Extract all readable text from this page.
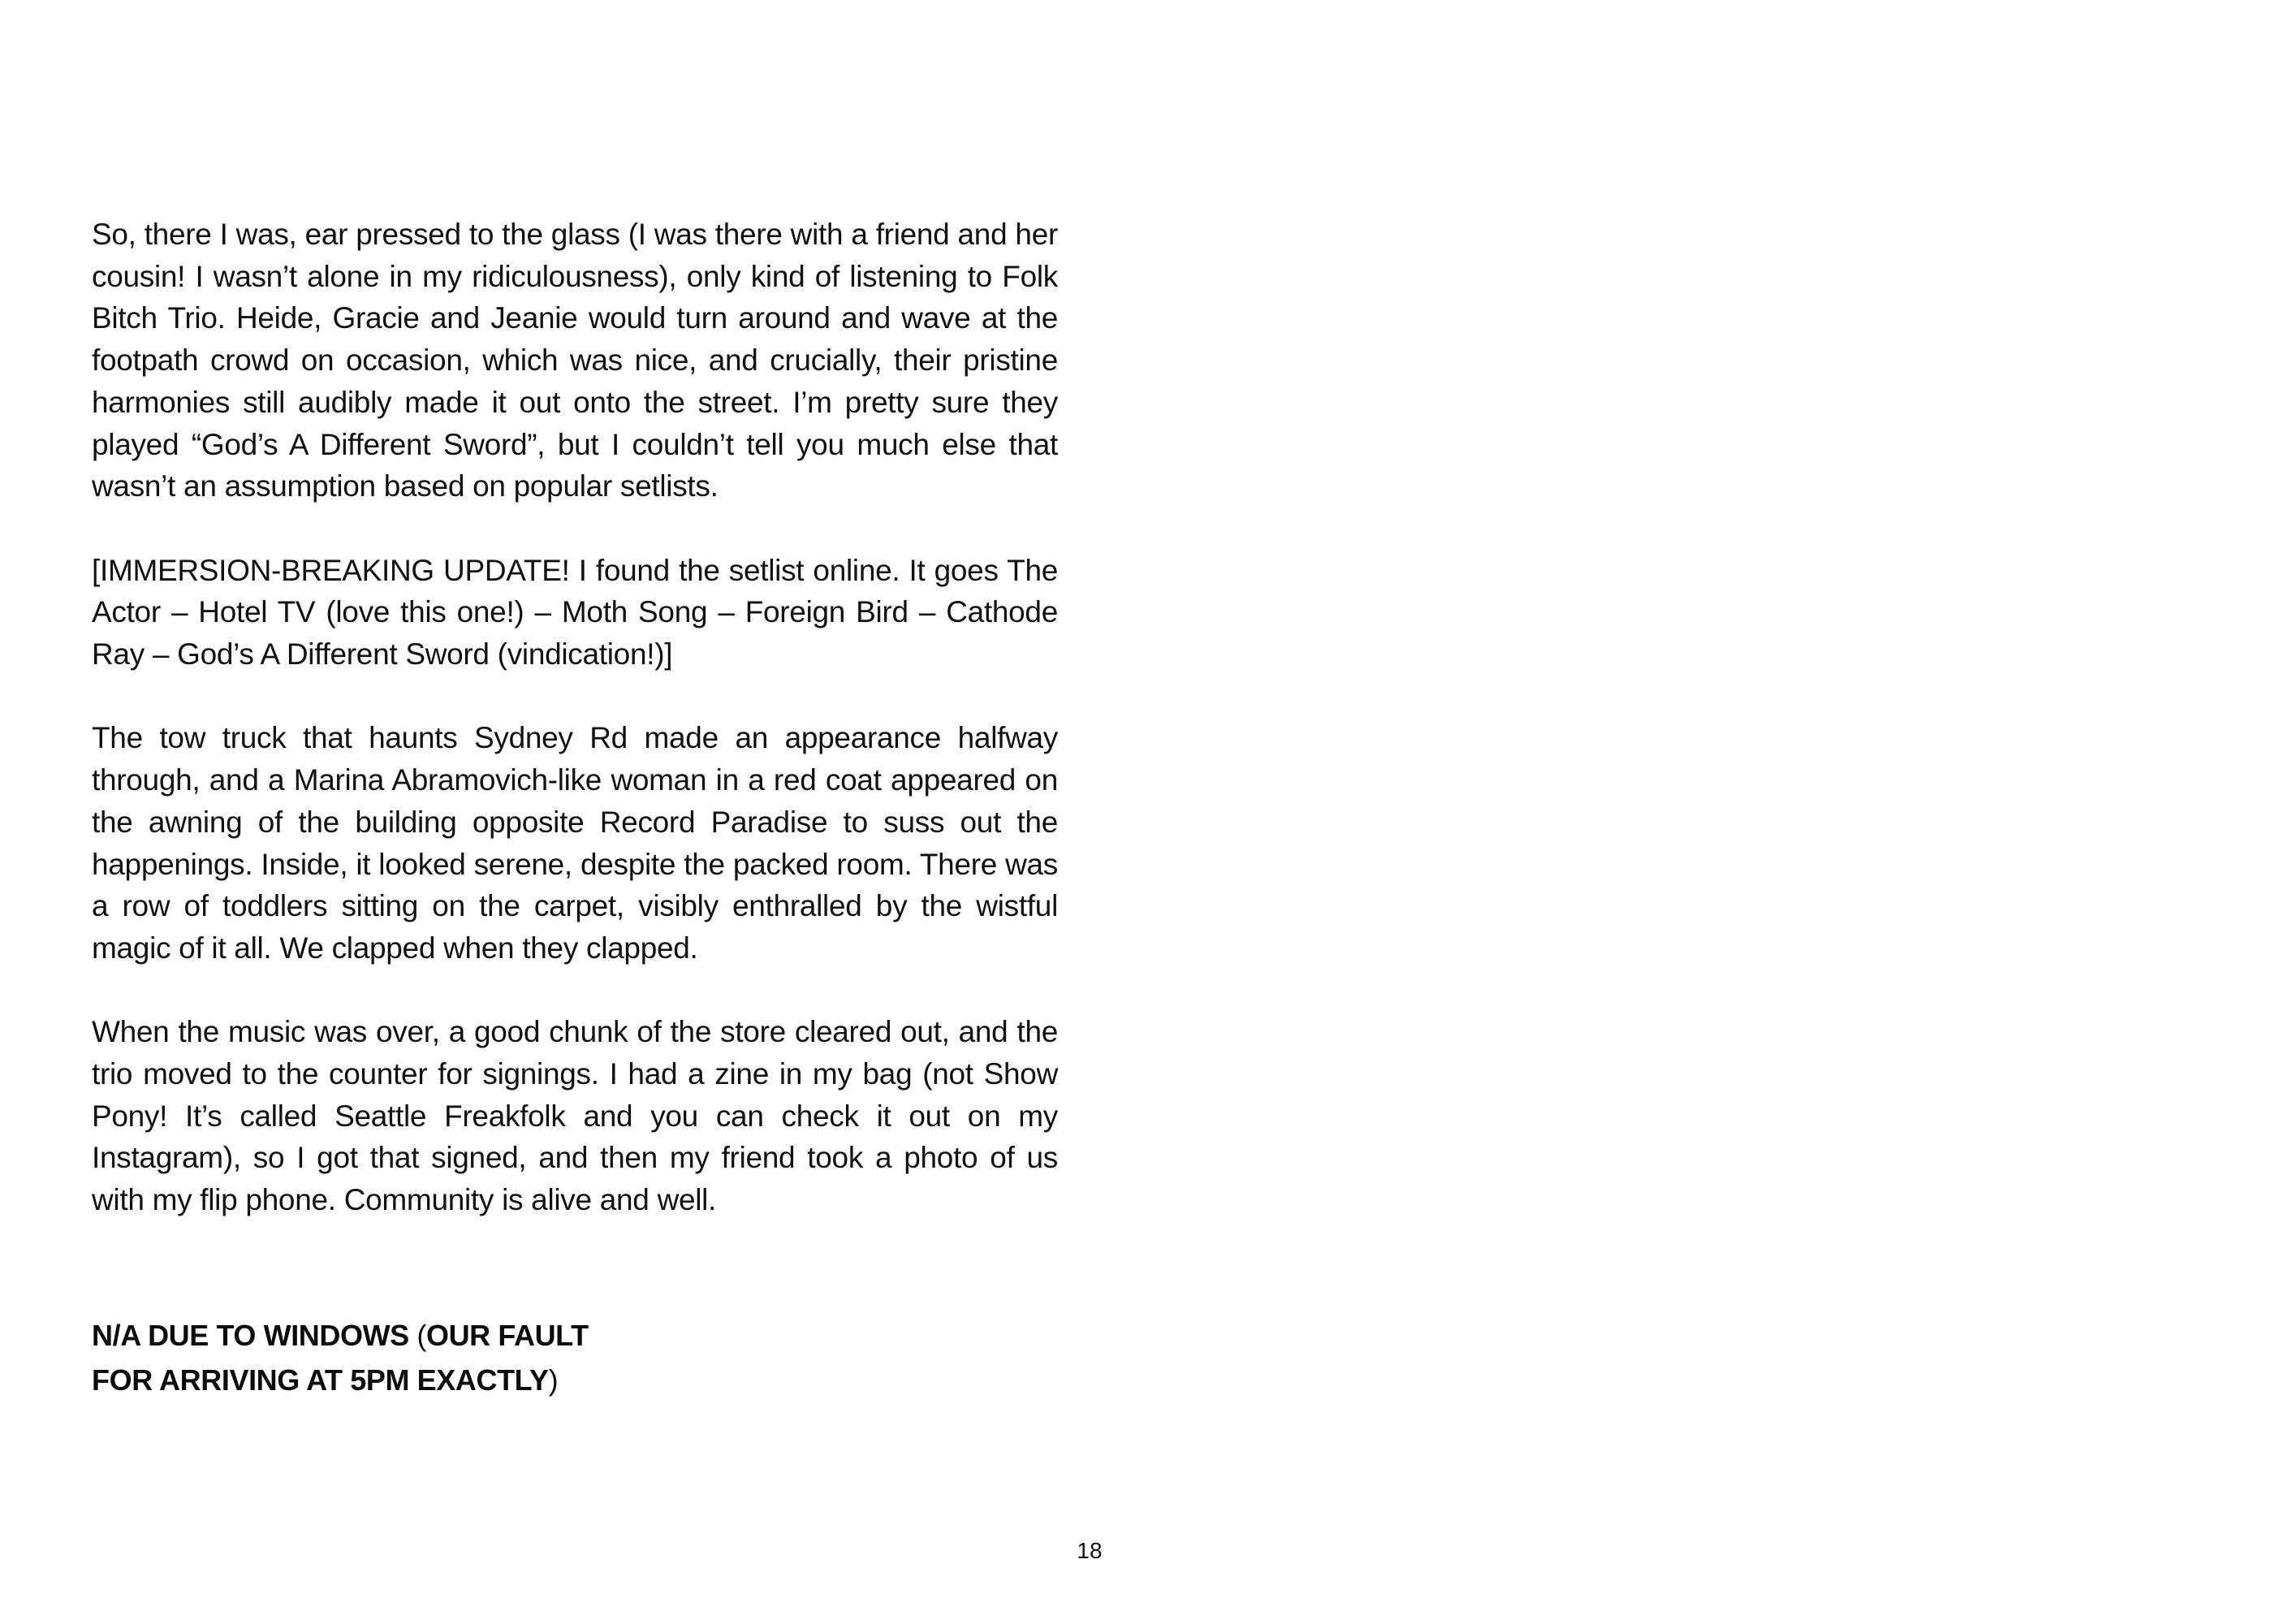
So, there I was, ear pressed to the glass (I was there with a friend and her cousin! I wasn’t alone in my ridiculousness), only kind of listening to Folk Bitch Trio. Heide, Gracie and Jeanie would turn around and wave at the footpath crowd on occasion, which was nice, and crucially, their pristine harmonies still audibly made it out onto the street. I’m pretty sure they played “God’s A Different Sword”, but I couldn’t tell you much else that wasn’t an assumption based on popular setlists.

[IMMERSION-BREAKING UPDATE! I found the setlist online. It goes The Actor – Hotel TV (love this one!) – Moth Song – Foreign Bird – Cathode Ray – God’s A Different Sword (vindication!)]

The tow truck that haunts Sydney Rd made an appearance halfway through, and a Marina Abramovich-like woman in a red coat appeared on the awning of the building opposite Record Paradise to suss out the happenings. Inside, it looked serene, despite the packed room. There was a row of toddlers sitting on the carpet, visibly enthralled by the wistful magic of it all. We clapped when they clapped.

When the music was over, a good chunk of the store cleared out, and the trio moved to the counter for signings. I had a zine in my bag (not Show Pony! It’s called Seattle Freakfolk and you can check it out on my Instagram), so I got that signed, and then my friend took a photo of us with my flip phone. Community is alive and well.

N/A DUE TO WINDOWS (OUR FAULT
FOR ARRIVING AT 5PM EXACTLY)
18
